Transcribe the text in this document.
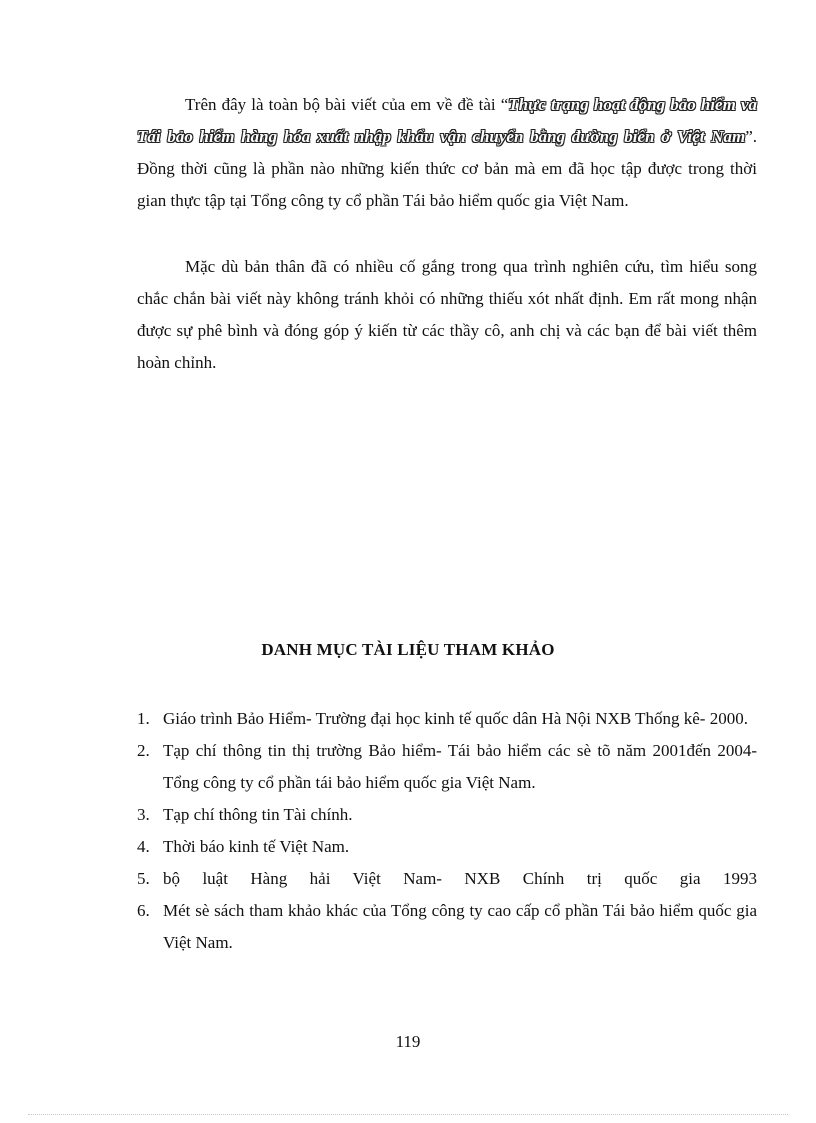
Trên đây là toàn bộ bài viết của em về đề tài “Thực trạng hoạt động bảo hiểm và Tái bảo hiểm hàng hóa xuất nhập khẩu vận chuyển bằng đường biển ở Việt Nam”. Đồng thời cũng là phần nào những kiến thức cơ bản mà em đã học tập được trong thời gian thực tập tại Tổng công ty cổ phần Tái bảo hiểm quốc gia Việt Nam.

Mặc dù bản thân đã có nhiều cố gắng trong qua trình nghiên cứu, tìm hiểu song chắc chắn bài viết này không tránh khỏi có những thiếu xót nhất định. Em rất mong nhận được sự phê bình và đóng góp ý kiến từ các thầy cô, anh chị và các bạn để bài viết thêm hoàn chỉnh.

DANH MỤC TÀI LIỆU THAM KHẢO
1. Giáo trình Bảo Hiểm- Trường đại học kinh tế quốc dân Hà Nội NXB Thống kê- 2000.
2. Tạp chí thông tin thị trường Bảo hiểm- Tái bảo hiểm các sè tõ năm 2001đến 2004- Tổng công ty cổ phần tái bảo hiểm quốc gia Việt Nam.
3. Tạp chí thông tin Tài chính.
4. Thời báo kinh tế Việt Nam.
5. bộ luật Hàng hải Việt Nam- NXB Chính trị quốc gia 1993
6. Mét sè sách tham khảo khác của Tổng công ty cao cấp cổ phần Tái bảo hiểm quốc gia Việt Nam.

119
